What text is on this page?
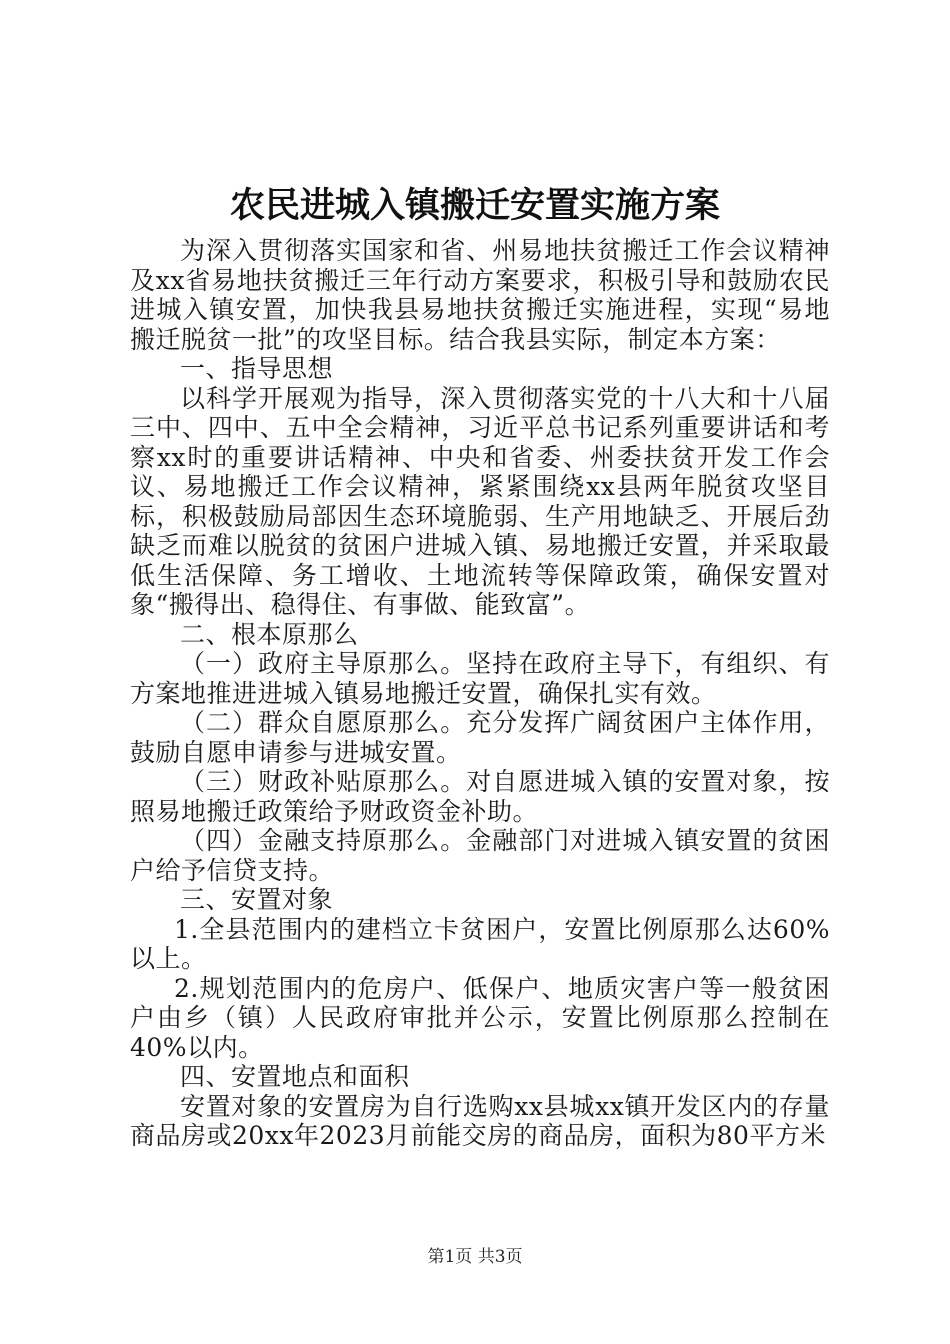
农民进城入镇搬迁安置实施方案

为深入贯彻落实国家和省、州易地扶贫搬迁工作会议精神及xx省易地扶贫搬迁三年行动方案要求，积极引导和鼓励农民进城入镇安置，加快我县易地扶贫搬迁实施进程，实现“易地搬迁脱贫一批”的攻坚目标。结合我县实际，制定本方案：

一、指导思想

以科学开展观为指导，深入贯彻落实党的十八大和十八届三中、四中、五中全会精神，习近平总书记系列重要讲话和考察xx时的重要讲话精神、中央和省委、州委扶贫开发工作会议、易地搬迁工作会议精神，紧紧围绕xx县两年脱贫攻坚目标，积极鼓励局部因生态环境脆弱、生产用地缺乏、开展后劲缺乏而难以脱贫的贫困户进城入镇、易地搬迁安置，并采取最低生活保障、务工增收、土地流转等保障政策，确保安置对象“搬得出、稳得住、有事做、能致富”。

二、根本原那么

（一）政府主导原那么。坚持在政府主导下，有组织、有方案地推进进城入镇易地搬迁安置，确保扎实有效。

（二）群众自愿原那么。充分发挥广阔贫困户主体作用，鼓励自愿申请参与进城安置。

（三）财政补贴原那么。对自愿进城入镇的安置对象，按照易地搬迁政策给予财政资金补助。

（四）金融支持原那么。金融部门对进城入镇安置的贫困户给予信贷支持。

三、安置对象

1.全县范围内的建档立卡贫困户，安置比例原那么达60%以上。

2.规划范围内的危房户、低保户、地质灾害户等一般贫困户由乡（镇）人民政府审批并公示，安置比例原那么控制在40%以内。

四、安置地点和面积

安置对象的安置房为自行选购xx县城xx镇开发区内的存量商品房或20xx年2023月前能交房的商品房，面积为80平方米

第1页 共3页
